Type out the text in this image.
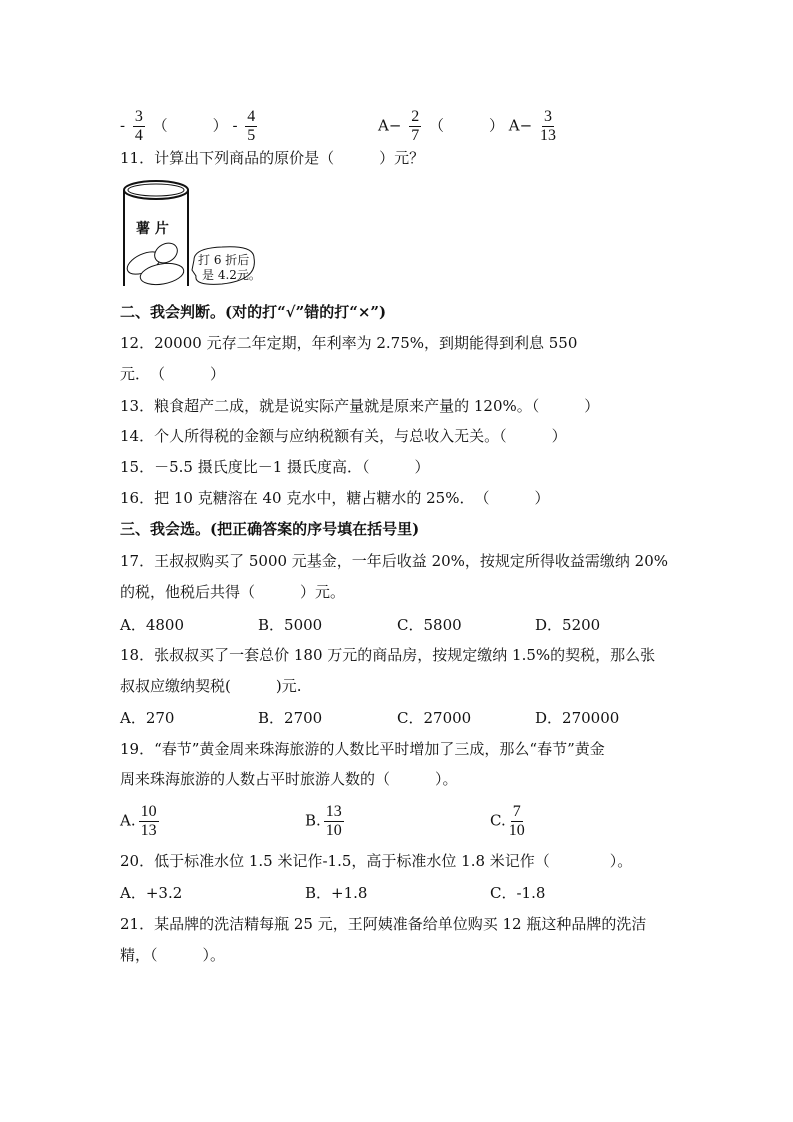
- $\frac{3}{4}$ （　　　） - $\frac{4}{5}$	$A- \frac{2}{7}$ （　　　） $A- \frac{3}{13}$
11．计算出下列商品的原价是（　　　）元？
薯 片
打 6 折后
是 4.2元。
二、我会判断。(对的打“√”错的打“×”)
12．20000 元存二年定期，年利率为 2.75%，到期能得到利息 550
元．　（　　　）
13．粮食超产二成，就是说实际产量就是原来产量的 120%。（　　　）
14．个人所得税的金额与应纳税额有关，与总收入无关。（　　　）
15．－5.5 摄氏度比－1 摄氏度高．（　　　）
16．把 10 克糖溶在 40 克水中，糖占糖水的 25%．　（　　　）
三、我会选。(把正确答案的序号填在括号里)
17．王叔叔购买了 5000 元基金，一年后收益 20%，按规定所得收益需缴纳 20%
的税，他税后共得（　　　）元。
A．4800	B．5000	C．5800	D．5200
18．张叔叔买了一套总价 180 万元的商品房，按规定缴纳 1.5%的契税，那么张
叔叔应缴纳契税(　　　)元.
A．270	B．2700	C．27000	D．270000
19．“春节”黄金周来珠海旅游的人数比平时增加了三成，那么“春节”黄金
周来珠海旅游的人数占平时旅游人数的（　　　）。
A. $\frac{10}{13}$	B. $\frac{13}{10}$	C. $\frac{7}{10}$
20．低于标准水位 1.5 米记作-1.5，高于标准水位 1.8 米记作（　　　　）。
A．+3.2	B．+1.8	C．-1.8
21．某品牌的洗洁精每瓶 25 元，王阿姨准备给单位购买 12 瓶这种品牌的洗洁
精，（　　　）。
